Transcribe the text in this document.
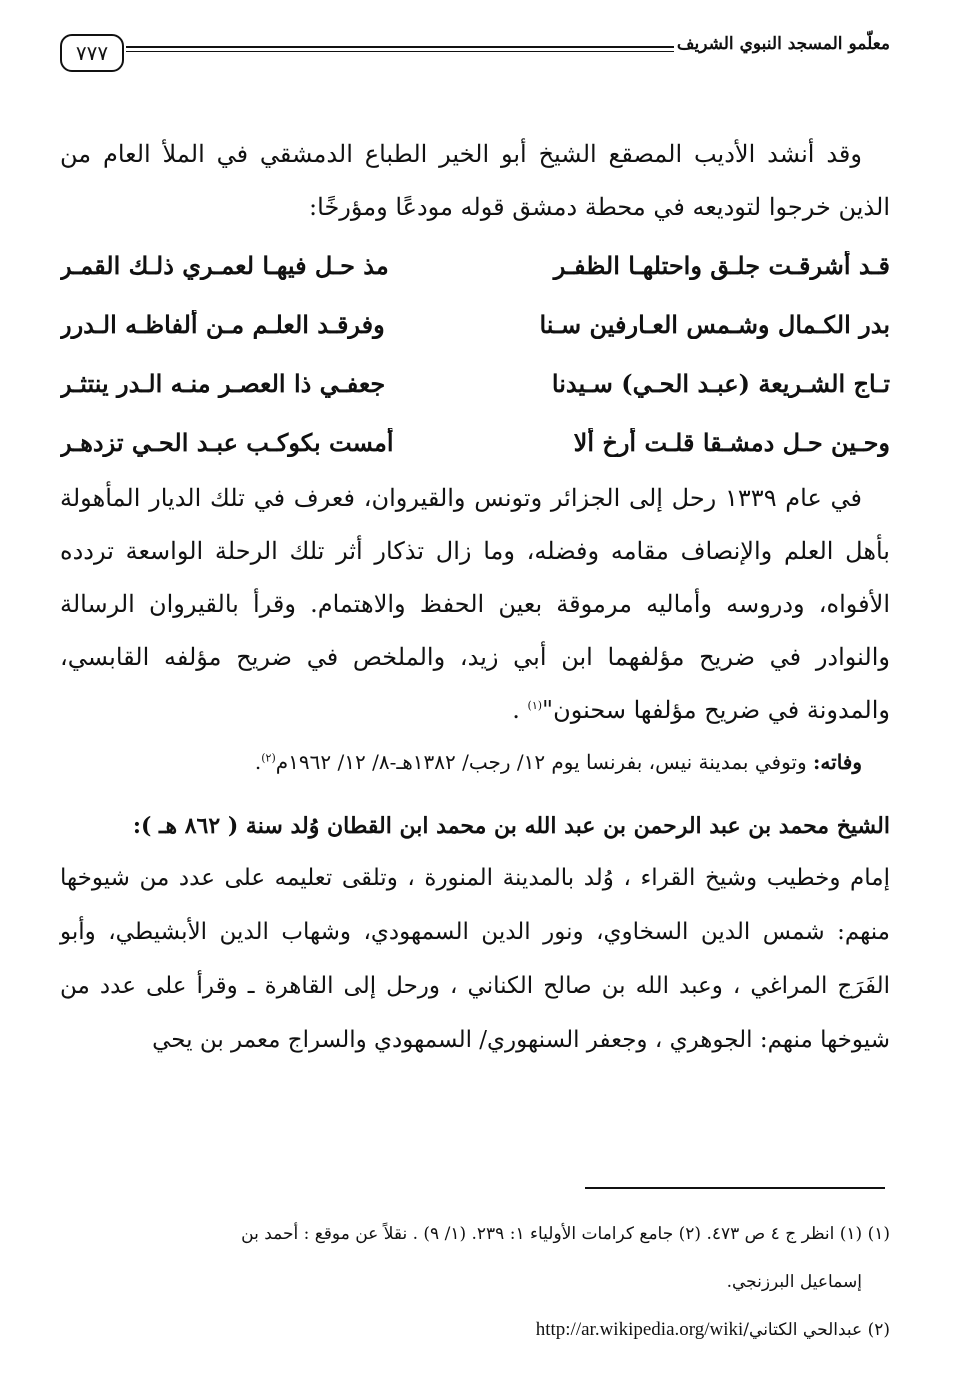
٧٧٧	معلّمو المسجد النبوي الشريف

وقد أنشد الأديب المصقع الشيخ أبو الخير الطباع الدمشقي في الملأ العام من الذين خرجوا لتوديعه في محطة دمشق قوله مودعًا ومؤرخًا:

قـد أشرقـت جلـق واحتلهـا الظفـر
مذ حـل فيهـا لعمـري ذلـك القمـر
بدر الكـمال وشـمس العـارفين سـنا
وفرقـد العلـم مـن ألفاظـه الـدرر
تـاج الشـريعة (عبـد الحـي) سـيدنا
جعفـي ذا العصـر منـه الـدر ينتثـر
وحـين حـل دمشـقا قلـت أرخ ألا
أمست بكوكـب عبـد الحـي تزدهـر

في عام ١٣٣٩ رحل إلى الجزائر وتونس والقيروان، فعرف في تلك الديار المأهولة بأهل العلم والإنصاف مقامه وفضله، وما زال تذكار أثر تلك الرحلة الواسعة تردده الأفواه، ودروسه وأماليه مرموقة بعين الحفظ والاهتمام. وقرأ بالقيروان الرسالة والنوادر في ضريح مؤلفهما ابن أبي زيد، والملخص في ضريح مؤلفه القابسي، والمدونة في ضريح مؤلفها سحنون"$^{(١)}$ .

وفاته: وتوفي بمدينة نيس، بفرنسا يوم ١٢/ رجب/ ١٣٨٢هـ-٨/ ١٢/ ١٩٦٢م$^{(٢)}$.

الشيخ محمد بن عبد الرحمن بن عبد الله بن محمد ابن القطان وُلد سنة ( ٨٦٢ هـ ):

إمام وخطيب وشيخ القراء ، وُلد بالمدينة المنورة ، وتلقى تعليمه على عدد من شيوخها منهم: شمس الدين السخاوي، ونور الدين السمهودي، وشهاب الدين الأبشيطي، وأبو الفَرَج المراغي ، وعبد الله بن صالح الكناني ، ورحل إلى القاهرة ـ وقرأ على عدد من شيوخها منهم: الجوهري ، وجعفر السنهوري/ السمهودي والسراج معمر بن يحي

(١) (١) انظر ج ٤ ص ٤٧٣. (٢) جامع كرامات الأولياء ١: ٢٣٩. (١/ ٩) . نقلاً عن موقع : أحمد بن

إسماعيل البرزنجي.

(٢) عبدالحي الكتاني/http://ar.wikipedia.org/wiki
